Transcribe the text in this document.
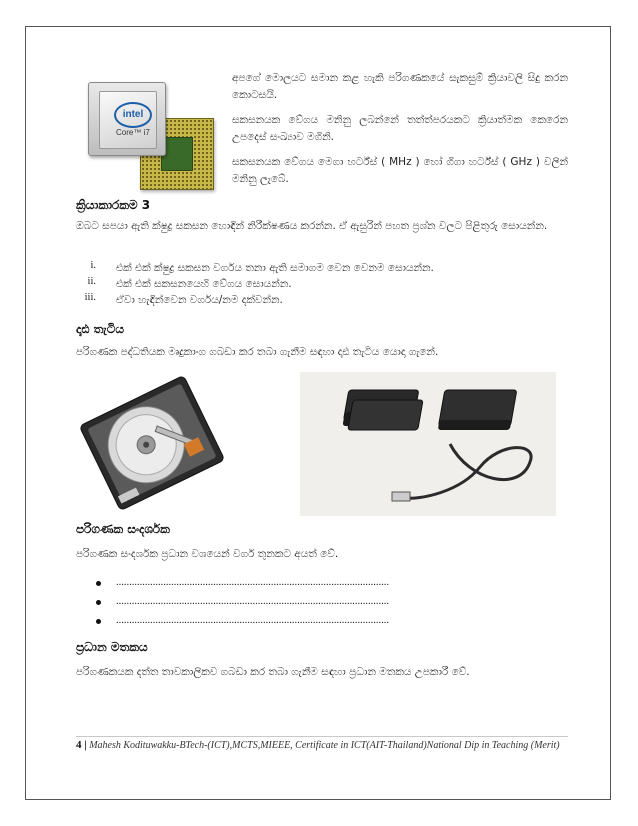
intel
Core™ i7
අපගේ මොලයට සමාන කළ හැකි පරිගණකයේ සැකසුම් ක්‍රියාවලි සිදු කරන කොටසයි.
සකසනයක වේගය මනිනු ලබන්නේ තත්ත්පරයකට ක්‍රියාත්මක කෙරෙන උපදෙස් සංඛ්‍යාව මගිනි.
සකසනයක වේගය මෙගා හර්ට්ස් ( MHz ) හෝ ගිගා හර්ට්ස් ( GHz ) වලින් මනිනු ලැබේ.
ක්‍රියාකාරකම 3
ඔබට සපයා ඇති ක්ෂුද්‍ර සකසන හොඳින් නිරීක්ෂණය කරන්න. ඒ ඇසුරින් පහත ප්‍රශ්න වලට පිළිතුරු සොයන්න.
i. එක් එක් ක්ෂුද්‍ර සකසන වර්ගය තනා ඇති සමාගම වෙන වෙනම සොයන්න.
ii. එක් එක් සකසනයෙහි වේගය සොයන්න.
iii. ඒවා හැඳින්වෙන වර්ගය/නම දක්වන්න.
දෘඪ තැටිය
පරිගණක පද්ධතියක මෘදුකාංග ගබඩා කර තබා ගැනීම සඳහා දෘඪ තැටිය යොදා ගැනේ.
පරිගණක සංදර්ශක
පරිගණක සංදර්ශක ප්‍රධාන වශයෙන් වර්ග තුනකට අයත් වේ.
........................................................................................................
........................................................................................................
........................................................................................................
ප්‍රධාන මතකය
පරිගණකයක දත්ත තාවකාලිකව ගබඩා කර තබා ගැනීම සඳහා ප්‍රධාන මතකය උපකාරී වේ.
4 | Mahesh Kodituwakku-BTech-(ICT),MCTS,MIEEE, Certificate in ICT(AIT-Thailand)National Dip in Teaching (Merit)
